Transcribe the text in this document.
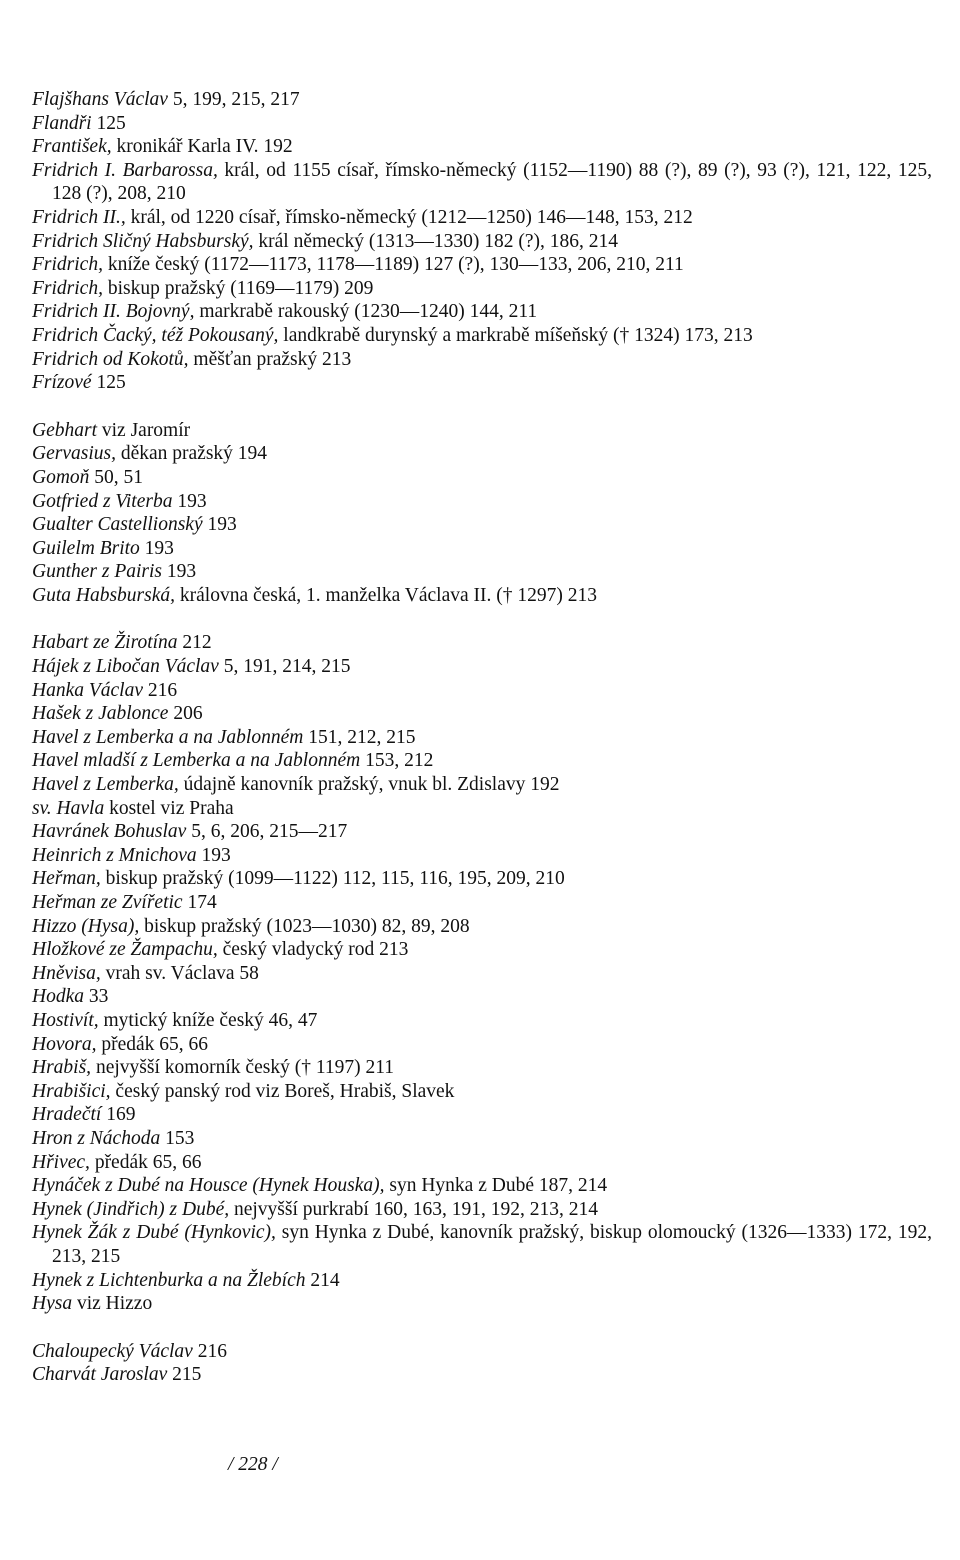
Flajšhans Václav 5, 199, 215, 217
Flandři 125
František, kronikář Karla IV. 192
Fridrich I. Barbarossa, král, od 1155 císař, římsko-německý (1152—1190) 88 (?), 89 (?), 93 (?), 121, 122, 125, 128 (?), 208, 210
Fridrich II., král, od 1220 císař, římsko-německý (1212—1250) 146—148, 153, 212
Fridrich Sličný Habsburský, král německý (1313—1330) 182 (?), 186, 214
Fridrich, kníže český (1172—1173, 1178—1189) 127 (?), 130—133, 206, 210, 211
Fridrich, biskup pražský (1169—1179) 209
Fridrich II. Bojovný, markrabě rakouský (1230—1240) 144, 211
Fridrich Čacký, též Pokousaný, landkrabě durynský a markrabě míšeňský († 1324) 173, 213
Fridrich od Kokotů, měšťan pražský 213
Frízové 125
Gebhart viz Jaromír
Gervasius, děkan pražský 194
Gomoň 50, 51
Gotfried z Viterba 193
Gualter Castellionský 193
Guilelm Brito 193
Gunther z Pairis 193
Guta Habsburská, královna česká, 1. manželka Václava II. († 1297) 213
Habart ze Žirotína 212
Hájek z Libočan Václav 5, 191, 214, 215
Hanka Václav 216
Hašek z Jablonce 206
Havel z Lemberka a na Jablonném 151, 212, 215
Havel mladší z Lemberka a na Jablonném 153, 212
Havel z Lemberka, údajně kanovník pražský, vnuk bl. Zdislavy 192
sv. Havla kostel viz Praha
Havránek Bohuslav 5, 6, 206, 215—217
Heinrich z Mnichova 193
Heřman, biskup pražský (1099—1122) 112, 115, 116, 195, 209, 210
Heřman ze Zvířetic 174
Hizzo (Hysa), biskup pražský (1023—1030) 82, 89, 208
Hložkové ze Žampachu, český vladycký rod 213
Hněvisa, vrah sv. Václava 58
Hodka 33
Hostivít, mytický kníže český 46, 47
Hovora, předák 65, 66
Hrabiš, nejvyšší komorník český († 1197) 211
Hrabišici, český panský rod viz Boreš, Hrabiš, Slavek
Hradečtí 169
Hron z Náchoda 153
Hřivec, předák 65, 66
Hynáček z Dubé na Housce (Hynek Houska), syn Hynka z Dubé 187, 214
Hynek (Jindřich) z Dubé, nejvyšší purkrabí 160, 163, 191, 192, 213, 214
Hynek Žák z Dubé (Hynkovic), syn Hynka z Dubé, kanovník pražský, biskup olomoucký (1326—1333) 172, 192, 213, 215
Hynek z Lichtenburka a na Žlebích 214
Hysa viz Hizzo
Chaloupecký Václav 216
Charvát Jaroslav 215
/ 228 /
